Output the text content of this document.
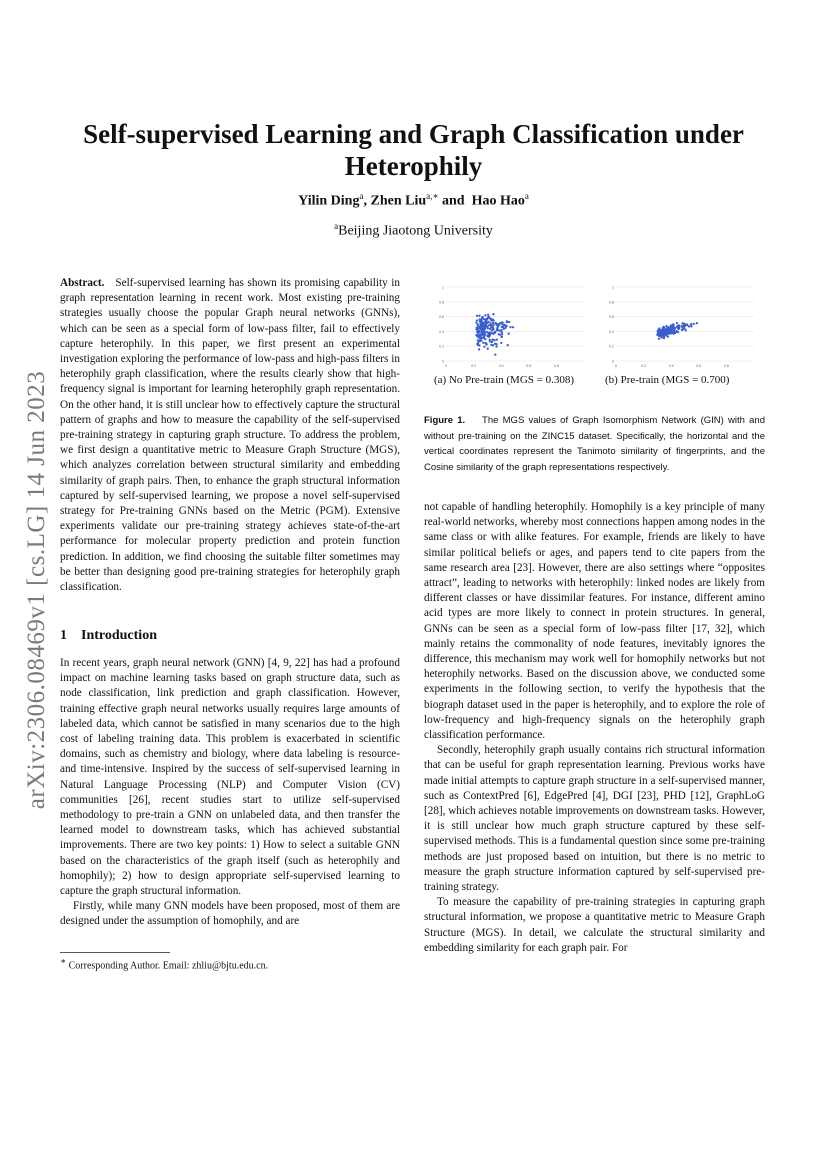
arXiv:2306.08469v1 [cs.LG] 14 Jun 2023
Self-supervised Learning and Graph Classification under Heterophily
Yilin Ding$^a$, Zhen Liu$^{a,∗}$ and  Hao Hao$^a$
$^a$Beijing Jiaotong University

Abstract. Self-supervised learning has shown its promising capability in graph representation learning in recent work. Most existing pre-training strategies usually choose the popular Graph neural networks (GNNs), which can be seen as a special form of low-pass filter, fail to effectively capture heterophily. In this paper, we first present an experimental investigation exploring the performance of low-pass and high-pass filters in heterophily graph classification, where the results clearly show that high-frequency signal is important for learning heterophily graph representation. On the other hand, it is still unclear how to effectively capture the structural pattern of graphs and how to measure the capability of the self-supervised pre-training strategy in capturing graph structure. To address the problem, we first design a quantitative metric to Measure Graph Structure (MGS), which analyzes correlation between structural similarity and embedding similarity of graph pairs. Then, to enhance the graph structural information captured by self-supervised learning, we propose a novel self-supervised strategy for Pre-training GNNs based on the Metric (PGM). Extensive experiments validate our pre-training strategy achieves state-of-the-art performance for molecular property prediction and protein function prediction. In addition, we find choosing the suitable filter sometimes may be better than designing good pre-training strategies for heterophily graph classification.

1 Introduction

In recent years, graph neural network (GNN) [4, 9, 22] has had a profound impact on machine learning tasks based on graph structure data, such as node classification, link prediction and graph classification. However, training effective graph neural networks usually requires large amounts of labeled data, which cannot be satisfied in many scenarios due to the high cost of labeling training data. This problem is exacerbated in scientific domains, such as chemistry and biology, where data labeling is resource- and time-intensive. Inspired by the success of self-supervised learning in Natural Language Processing (NLP) and Computer Vision (CV) communities [26], recent studies start to utilize self-supervised methodology to pre-train a GNN on unlabeled data, and then transfer the learned model to downstream tasks, which has achieved substantial improvements. There are two key points: 1) How to select a suitable GNN based on the characteristics of the graph itself (such as heterophily and homophily); 2) how to design appropriate self-supervised learning to capture the graph structural information.

Firstly, while many GNN models have been proposed, most of them are designed under the assumption of homophily, and are

∗ Corresponding Author. Email: zhliu@bjtu.edu.cn.
0
0.2
0.4
0.6
0.8
1
0	0.2	0.4	0.6	0.8
0
0.2
0.4
0.6
0.8
1
0	0.2	0.4	0.6	0.8
(a) No Pre-train (MGS = 0.308)	(b) Pre-train (MGS = 0.700)
Figure 1. The MGS values of Graph Isomorphism Network (GIN) with and without pre-training on the ZINC15 dataset. Specifically, the horizontal and the vertical coordinates represent the Tanimoto similarity of fingerprints, and the Cosine similarity of the graph representations respectively.

not capable of handling heterophily. Homophily is a key principle of many real-world networks, whereby most connections happen among nodes in the same class or with alike features. For example, friends are likely to have similar political beliefs or ages, and papers tend to cite papers from the same research area [23]. However, there are also settings where “opposites attract”, leading to networks with heterophily: linked nodes are likely from different classes or have dissimilar features. For instance, different amino acid types are more likely to connect in protein structures. In general, GNNs can be seen as a special form of low-pass filter [17, 32], which mainly retains the commonality of node features, inevitably ignores the difference, this mechanism may work well for homophily networks but not heterophily networks. Based on the discussion above, we conducted some experiments in the following section, to verify the hypothesis that the biograph dataset used in the paper is heterophily, and to explore the role of low-frequency and high-frequency signals on the heterophily graph classification performance.

Secondly, heterophily graph usually contains rich structural information that can be useful for graph representation learning. Previous works have made initial attempts to capture graph structure in a self-supervised manner, such as ContextPred [6], EdgePred [4], DGI [23], PHD [12], GraphLoG [28], which achieves notable improvements on downstream tasks. However, it is still unclear how much graph structure captured by these self-supervised methods. This is a fundamental question since some pre-training methods are just proposed based on intuition, but there is no metric to measure the graph structure information captured by self-supervised pre-training strategy.

To measure the capability of pre-training strategies in capturing graph structural information, we propose a quantitative metric to Measure Graph Structure (MGS). In detail, we calculate the structural similarity and embedding similarity for each graph pair. For
